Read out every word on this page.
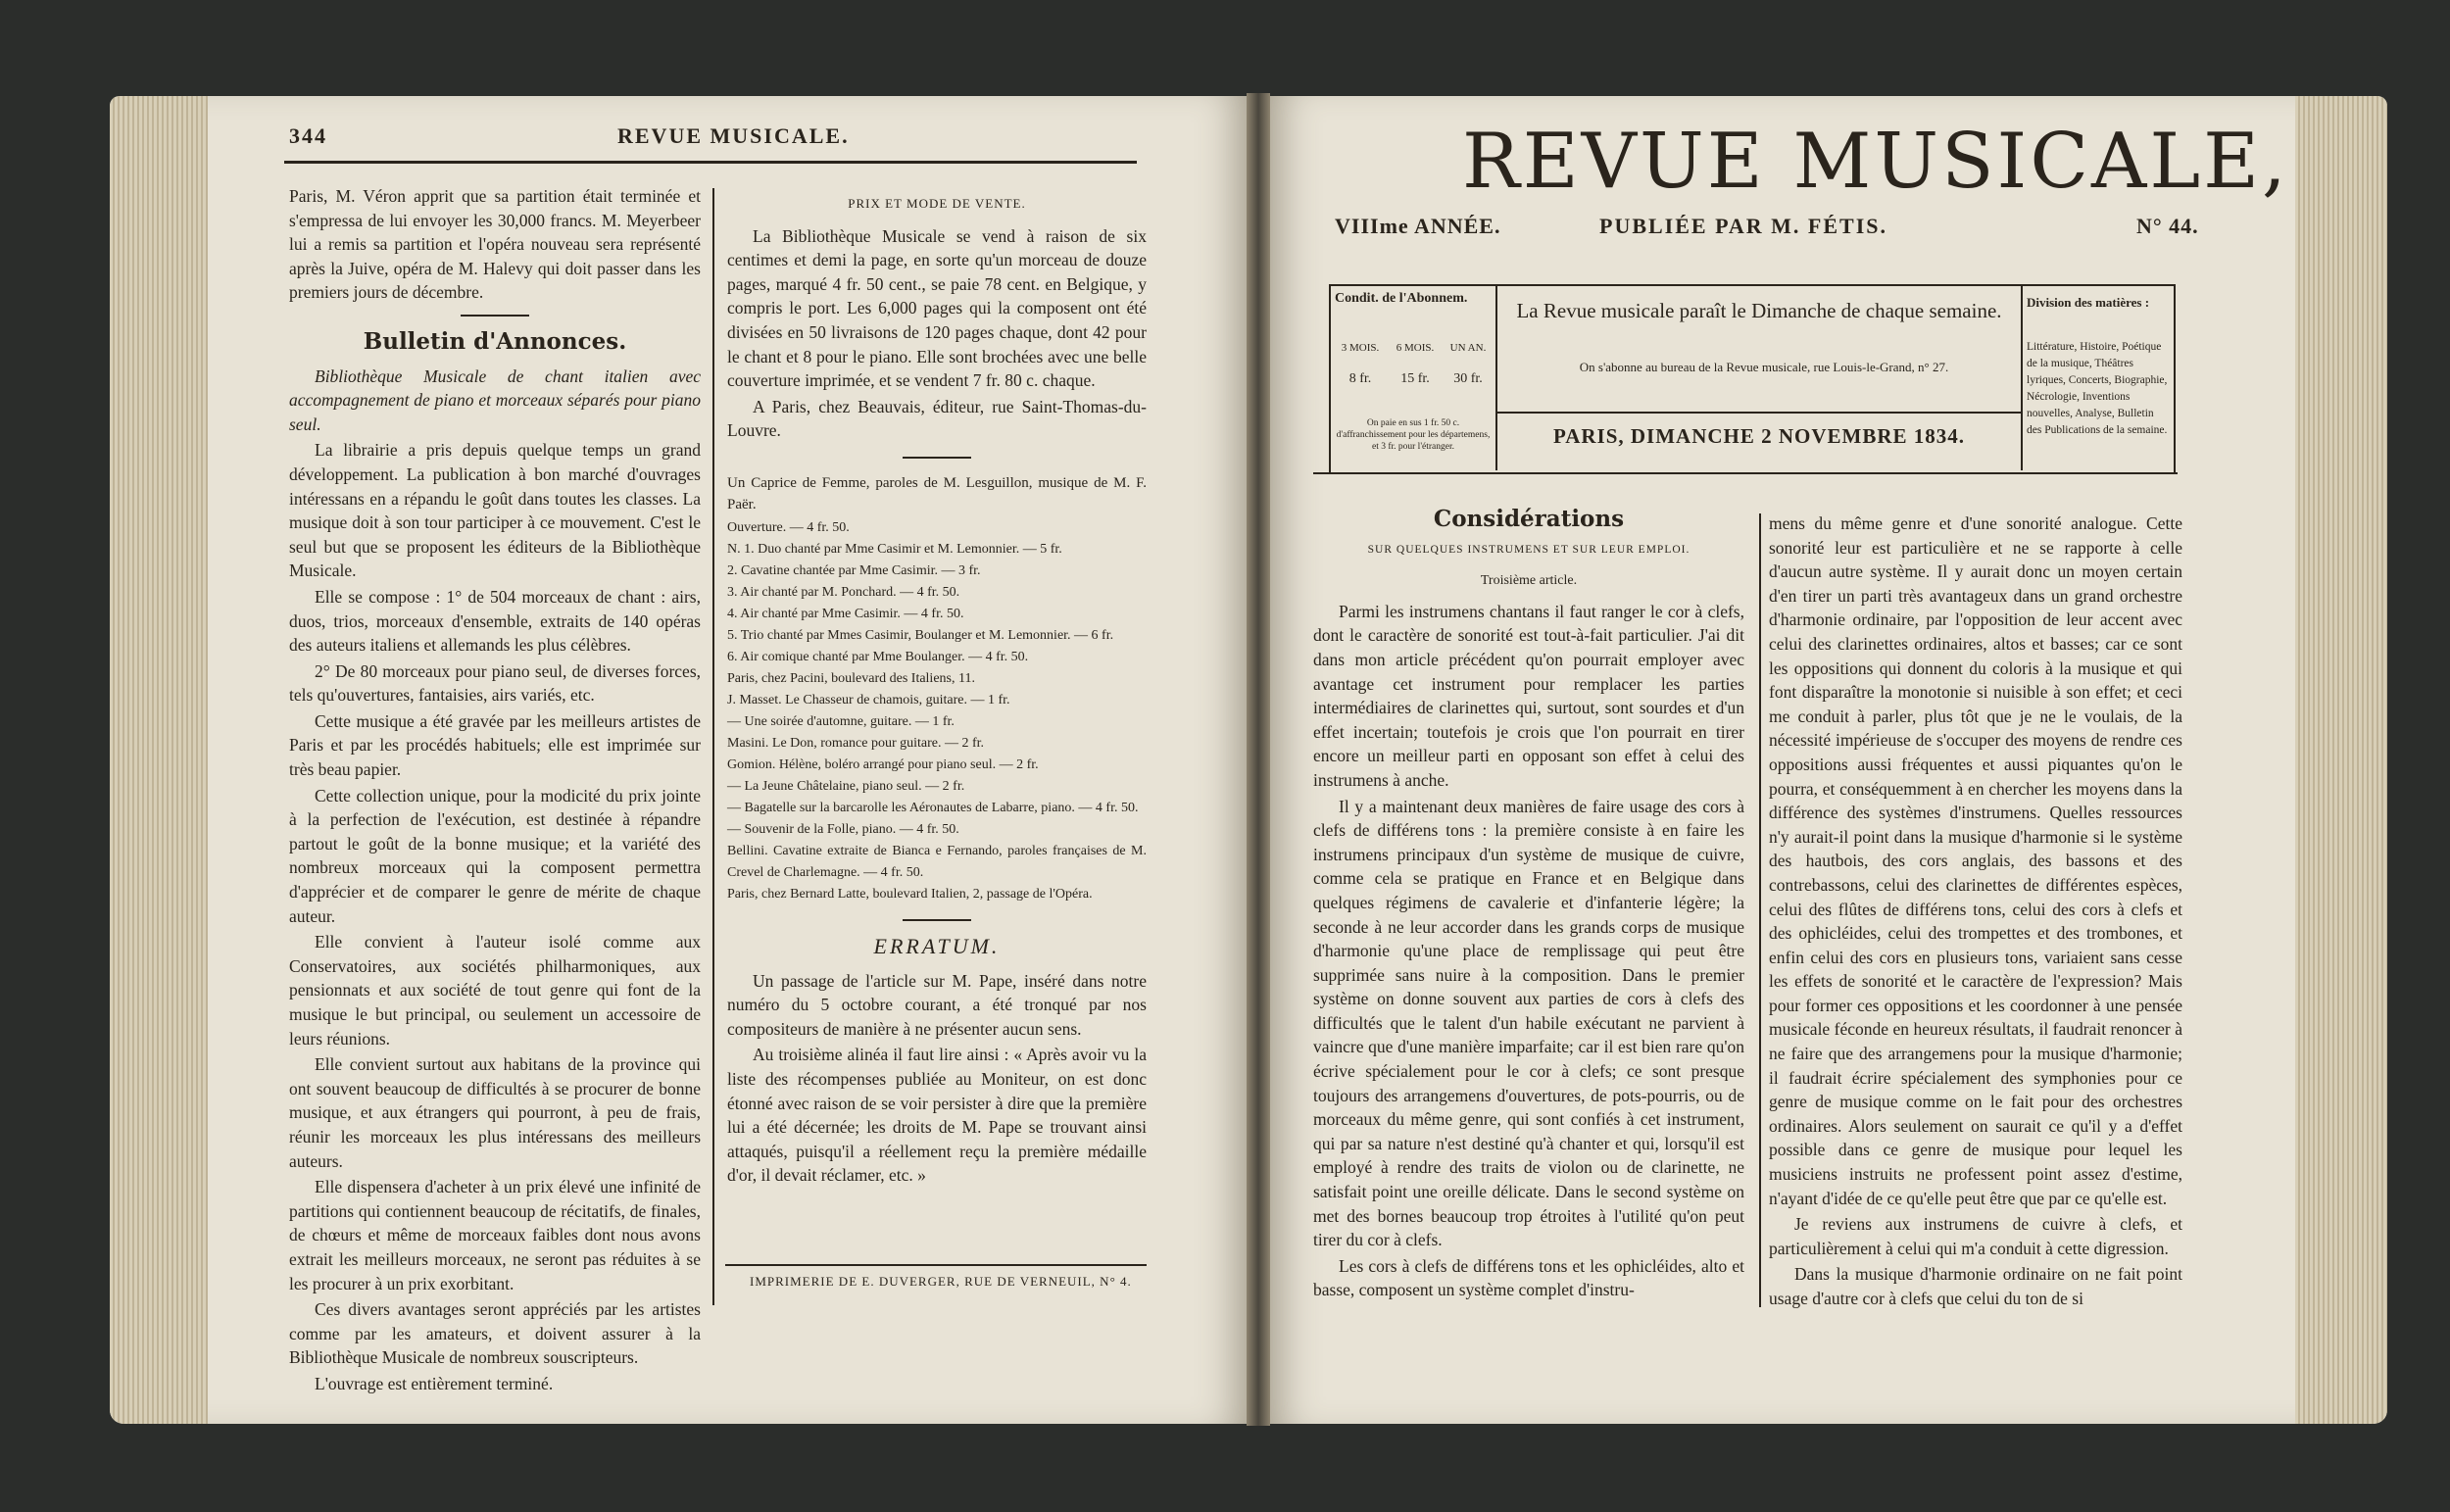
344	REVUE MUSICALE.

Paris, M. Véron apprit que sa partition était terminée et s'empressa de lui envoyer les 30,000 francs. M. Meyerbeer lui a remis sa partition et l'opéra nouveau sera représenté après la Juive, opéra de M. Halevy qui doit passer dans les premiers jours de décembre.

Bulletin d'Annonces.

Bibliothèque Musicale de chant italien avec accompagnement de piano et morceaux séparés pour piano seul.

La librairie a pris depuis quelque temps un grand développement. La publication à bon marché d'ouvrages intéressans en a répandu le goût dans toutes les classes. La musique doit à son tour participer à ce mouvement. C'est le seul but que se proposent les éditeurs de la Bibliothèque Musicale.

Elle se compose : 1° de 504 morceaux de chant : airs, duos, trios, morceaux d'ensemble, extraits de 140 opéras des auteurs italiens et allemands les plus célèbres.

2° De 80 morceaux pour piano seul, de diverses forces, tels qu'ouvertures, fantaisies, airs variés, etc.

Cette musique a été gravée par les meilleurs artistes de Paris et par les procédés habituels; elle est imprimée sur très beau papier.

Cette collection unique, pour la modicité du prix jointe à la perfection de l'exécution, est destinée à répandre partout le goût de la bonne musique; et la variété des nombreux morceaux qui la composent permettra d'apprécier et de comparer le genre de mérite de chaque auteur.

Elle convient à l'auteur isolé comme aux Conservatoires, aux sociétés philharmoniques, aux pensionnats et aux société de tout genre qui font de la musique le but principal, ou seulement un accessoire de leurs réunions.

Elle convient surtout aux habitans de la province qui ont souvent beaucoup de difficultés à se procurer de bonne musique, et aux étrangers qui pourront, à peu de frais, réunir les morceaux les plus intéressans des meilleurs auteurs.

Elle dispensera d'acheter à un prix élevé une infinité de partitions qui contiennent beaucoup de récitatifs, de finales, de chœurs et même de morceaux faibles dont nous avons extrait les meilleurs morceaux, ne seront pas réduites à se les procurer à un prix exorbitant.

Ces divers avantages seront appréciés par les artistes comme par les amateurs, et doivent assurer à la Bibliothèque Musicale de nombreux souscripteurs.

L'ouvrage est entièrement terminé.

PRIX ET MODE DE VENTE.

La Bibliothèque Musicale se vend à raison de six centimes et demi la page, en sorte qu'un morceau de douze pages, marqué 4 fr. 50 cent., se paie 78 cent. en Belgique, y compris le port. Les 6,000 pages qui la composent ont été divisées en 50 livraisons de 120 pages chaque, dont 42 pour le chant et 8 pour le piano. Elle sont brochées avec une belle couverture imprimée, et se vendent 7 fr. 80 c. chaque.

A Paris, chez Beauvais, éditeur, rue Saint-Thomas-du-Louvre.

Un Caprice de Femme, paroles de M. Lesguillon, musique de M. F. Paër.

Ouverture. — 4 fr. 50.
N. 1. Duo chanté par Mme Casimir et M. Lemonnier. — 5 fr.
2. Cavatine chantée par Mme Casimir. — 3 fr.
3. Air chanté par M. Ponchard. — 4 fr. 50.
4. Air chanté par Mme Casimir. — 4 fr. 50.
5. Trio chanté par Mmes Casimir, Boulanger et M. Lemonnier. — 6 fr.
6. Air comique chanté par Mme Boulanger. — 4 fr. 50.
Paris, chez Pacini, boulevard des Italiens, 11.
J. Masset. Le Chasseur de chamois, guitare. — 1 fr.
— Une soirée d'automne, guitare. — 1 fr.
Masini. Le Don, romance pour guitare. — 2 fr.
Gomion. Hélène, boléro arrangé pour piano seul. — 2 fr.
— La Jeune Châtelaine, piano seul. — 2 fr.
— Bagatelle sur la barcarolle les Aéronautes de Labarre, piano. — 4 fr. 50.
— Souvenir de la Folle, piano. — 4 fr. 50.
Bellini. Cavatine extraite de Bianca e Fernando, paroles françaises de M. Crevel de Charlemagne. — 4 fr. 50.
Paris, chez Bernard Latte, boulevard Italien, 2, passage de l'Opéra.
ERRATUM.

Un passage de l'article sur M. Pape, inséré dans notre numéro du 5 octobre courant, a été tronqué par nos compositeurs de manière à ne présenter aucun sens.

Au troisième alinéa il faut lire ainsi : « Après avoir vu la liste des récompenses publiée au Moniteur, on est donc étonné avec raison de se voir persister à dire que la première lui a été décernée; les droits de M. Pape se trouvant ainsi attaqués, puisqu'il a réellement reçu la première médaille d'or, il devait réclamer, etc. »

IMPRIMERIE DE E. DUVERGER, RUE DE VERNEUIL, N° 4.
REVUE MUSICALE,
VIIIme ANNÉE.	PUBLIÉE PAR M. FÉTIS.	N° 44.
Condit. de l'Abonnem.
3 MOIS.	6 MOIS.	UN AN.
8 fr.	15 fr.	30 fr.
On paie en sus 1 fr. 50 c. d'affranchissement pour les départemens, et 3 fr. pour l'étranger.
La Revue musicale paraît le Dimanche de chaque semaine.
On s'abonne au bureau de la Revue musicale, rue Louis-le-Grand, n° 27.
PARIS, DIMANCHE 2 NOVEMBRE 1834.
Division des matières :
Littérature, Histoire, Poétique de la musique, Théâtres lyriques, Concerts, Biographie, Nécrologie, Inventions nouvelles, Analyse, Bulletin des Publications de la semaine.
Considérations
SUR QUELQUES INSTRUMENS ET SUR LEUR EMPLOI.
Troisième article.

Parmi les instrumens chantans il faut ranger le cor à clefs, dont le caractère de sonorité est tout-à-fait particulier. J'ai dit dans mon article précédent qu'on pourrait employer avec avantage cet instrument pour remplacer les parties intermédiaires de clarinettes qui, surtout, sont sourdes et d'un effet incertain; toutefois je crois que l'on pourrait en tirer encore un meilleur parti en opposant son effet à celui des instrumens à anche.

Il y a maintenant deux manières de faire usage des cors à clefs de différens tons : la première consiste à en faire les instrumens principaux d'un système de musique de cuivre, comme cela se pratique en France et en Belgique dans quelques régimens de cavalerie et d'infanterie légère; la seconde à ne leur accorder dans les grands corps de musique d'harmonie qu'une place de remplissage qui peut être supprimée sans nuire à la composition. Dans le premier système on donne souvent aux parties de cors à clefs des difficultés que le talent d'un habile exécutant ne parvient à vaincre que d'une manière imparfaite; car il est bien rare qu'on écrive spécialement pour le cor à clefs; ce sont presque toujours des arrangemens d'ouvertures, de pots-pourris, ou de morceaux du même genre, qui sont confiés à cet instrument, qui par sa nature n'est destiné qu'à chanter et qui, lorsqu'il est employé à rendre des traits de violon ou de clarinette, ne satisfait point une oreille délicate. Dans le second système on met des bornes beaucoup trop étroites à l'utilité qu'on peut tirer du cor à clefs.

Les cors à clefs de différens tons et les ophicléides, alto et basse, composent un système complet d'instru-

mens du même genre et d'une sonorité analogue. Cette sonorité leur est particulière et ne se rapporte à celle d'aucun autre système. Il y aurait donc un moyen certain d'en tirer un parti très avantageux dans un grand orchestre d'harmonie ordinaire, par l'opposition de leur accent avec celui des clarinettes ordinaires, altos et basses; car ce sont les oppositions qui donnent du coloris à la musique et qui font disparaître la monotonie si nuisible à son effet; et ceci me conduit à parler, plus tôt que je ne le voulais, de la nécessité impérieuse de s'occuper des moyens de rendre ces oppositions aussi fréquentes et aussi piquantes qu'on le pourra, et conséquemment à en chercher les moyens dans la différence des systèmes d'instrumens. Quelles ressources n'y aurait-il point dans la musique d'harmonie si le système des hautbois, des cors anglais, des bassons et des contrebassons, celui des clarinettes de différentes espèces, celui des flûtes de différens tons, celui des cors à clefs et des ophicléides, celui des trompettes et des trombones, et enfin celui des cors en plusieurs tons, variaient sans cesse les effets de sonorité et le caractère de l'expression? Mais pour former ces oppositions et les coordonner à une pensée musicale féconde en heureux résultats, il faudrait renoncer à ne faire que des arrangemens pour la musique d'harmonie; il faudrait écrire spécialement des symphonies pour ce genre de musique comme on le fait pour des orchestres ordinaires. Alors seulement on saurait ce qu'il y a d'effet possible dans ce genre de musique pour lequel les musiciens instruits ne professent point assez d'estime, n'ayant d'idée de ce qu'elle peut être que par ce qu'elle est.

Je reviens aux instrumens de cuivre à clefs, et particulièrement à celui qui m'a conduit à cette digression.

Dans la musique d'harmonie ordinaire on ne fait point usage d'autre cor à clefs que celui du ton de si
